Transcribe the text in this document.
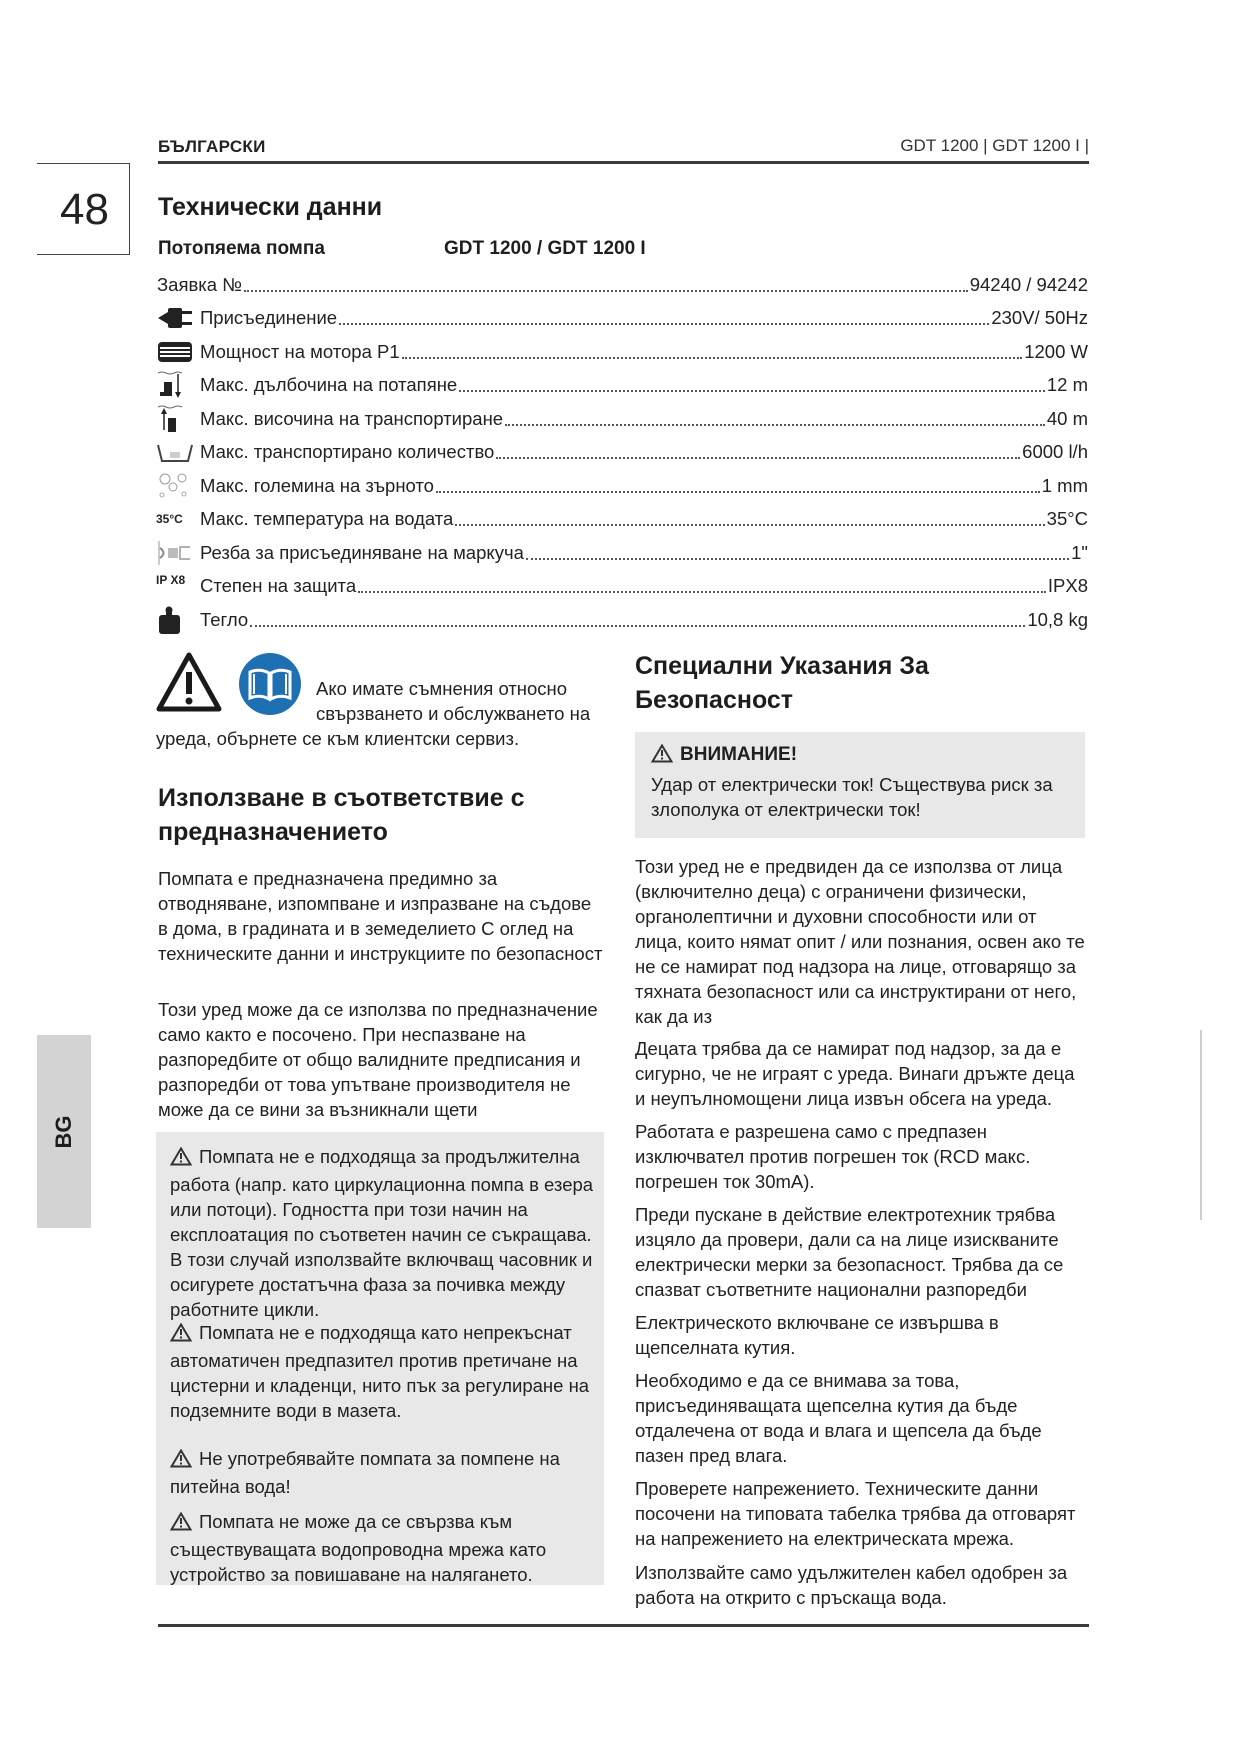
БЪЛГАРСКИ	GDT 1200 | GDT 1200 I |
48 Технически данни
Потопяема помпа	GDT 1200 / GDT 1200 I
Заявка №	94240 / 94242
Присъединение	230V/ 50Hz
Мощност на мотора P1	1200 W
Макс. дълбочина на потапяне	12 m
Макс. височина на транспортиране	40 m
Макс. транспортирано количество	6000 l/h
Макс. големина на зърното	1 mm
35°C Макс. температура на водата	35°C
Резба за присъединяване на маркуча	1"
IP X8 Степен на защита	IPX8
Тегло	10,8 kg
Ако имате съмнения относно
свързването и обслужването на
уреда, обърнете се към клиентски сервиз.
Използване в съответствие с предназначението
Помпата е предназначена предимно за отводняване, изпомпване и изпразване на съдове в дома, в градината и в земеделието С оглед на техническите данни и инструкциите по безопасност
Този уред може да се използва по предназначение само както е посочено. При неспазване на разпоредбите от общо валидните предписания и разпоредби от това упътване производителя не може да се вини за възникнали щети
Помпата не е подходяща за продължителна работа (напр. като циркулационна помпа в езера или потоци). Годността при този начин на експлоатация по съответен начин се съкращава. В този случай използвайте включващ часовник и осигурете достатъчна фаза за почивка между работните цикли.
Помпата не е подходяща като непрекъснат автоматичен предпазител против претичане на цистерни и кладенци, нито пък за регулиране на подземните води в мазета.
Не употребявайте помпата за помпене на питейна вода!
Помпата не може да се свързва към съществуващата водопроводна мрежа като устройство за повишаване на налягането.
Специални Указания За Безопасност
ВНИМАНИЕ!
Удар от електрически ток! Съществува риск за злополука от електрически ток!
Този уред не е предвиден да се използва от лица (включително деца) с ограничени физически, органолептични и духовни способности или от лица, които нямат опит / или познания, освен ако те не се намират под надзора на лице, отговарящо за тяхната безопасност или са инструктирани от него, как да из
Децата трябва да се намират под надзор, за да е сигурно, че не играят с уреда. Винаги дръжте деца и неупълномощени лица извън обсега на уреда.
Работата е разрешена само с предпазен изключвател против погрешен ток (RCD макс. погрешен ток 30mA).
Преди пускане в действие електротехник трябва изцяло да провери, дали са на лице изискваните електрически мерки за безопасност. Трябва да се спазват съответните национални разпоредби
Електрическото включване се извършва в щепселната кутия.
Необходимо е да се внимава за това, присъединяващата щепселна кутия да бъде отдалечена от вода и влага и щепсела да бъде пазен пред влага.
Проверете напрежението. Техническите данни посочени на типовата табелка трябва да отговарят на напрежението на електрическата мрежа.
Използвайте само удължителен кабел одобрен за работа на открито с пръскаща вода.
BG
